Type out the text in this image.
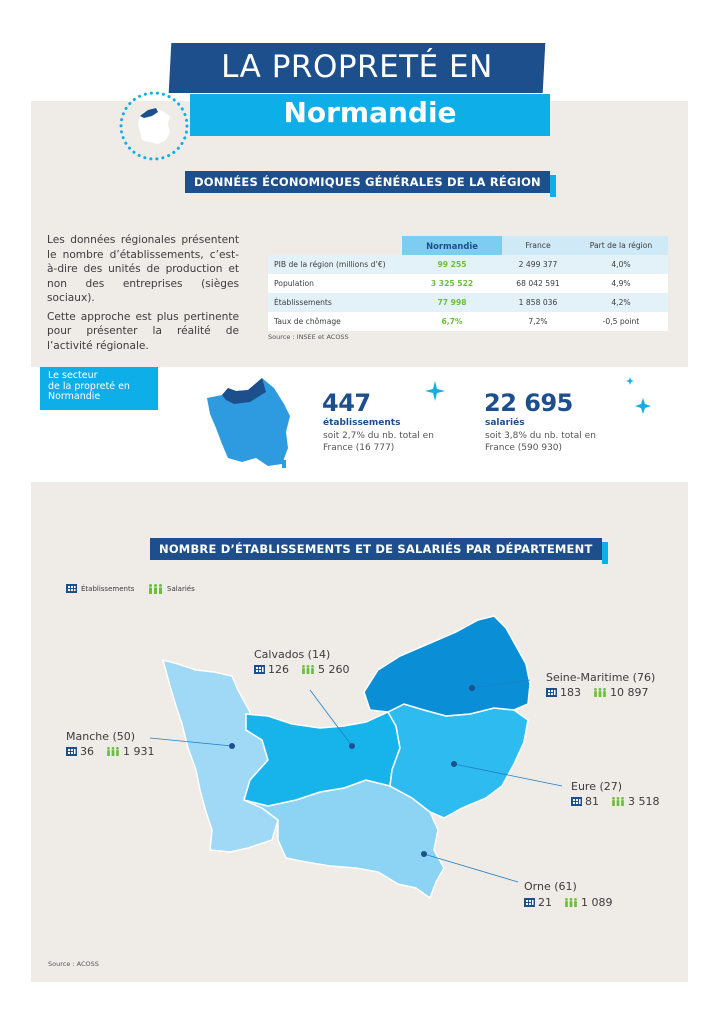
LA PROPRETÉ EN
Normandie
DONNÉES ÉCONOMIQUES GÉNÉRALES DE LA RÉGION

Les données régionales présentent le nombre d’établissements, c’est-à-dire des unités de production et non des entreprises (sièges sociaux).

Cette approche est plus pertinente pour présenter la réalité de l’activité régionale.

	Normandie	France	Part de la région
PIB de la région (millions d’€)	99 255	2 499 377	4,0%
Population	3 325 522	68 042 591	4,9%
Établissements	77 998	1 858 036	4,2%
Taux de chômage	6,7%	7,2%	-0,5 point
Source : INSEE et ACOSS
Le secteur
de la propreté en
Normandie	447
établissements
soit 2,7% du nb. total en
France (16 777)
22 695
salariés
soit 3,8% du nb. total en
France (590 930)
NOMBRE D’ÉTABLISSEMENTS ET DE SALARIÉS PAR DÉPARTEMENT
Établissements	Salariés
Calvados (14)
126	5 260
Seine-Maritime (76)
183	10 897
Manche (50)
36	1 931
Eure (27)
81	3 518
Orne (61)
21	1 089
Source : ACOSS
